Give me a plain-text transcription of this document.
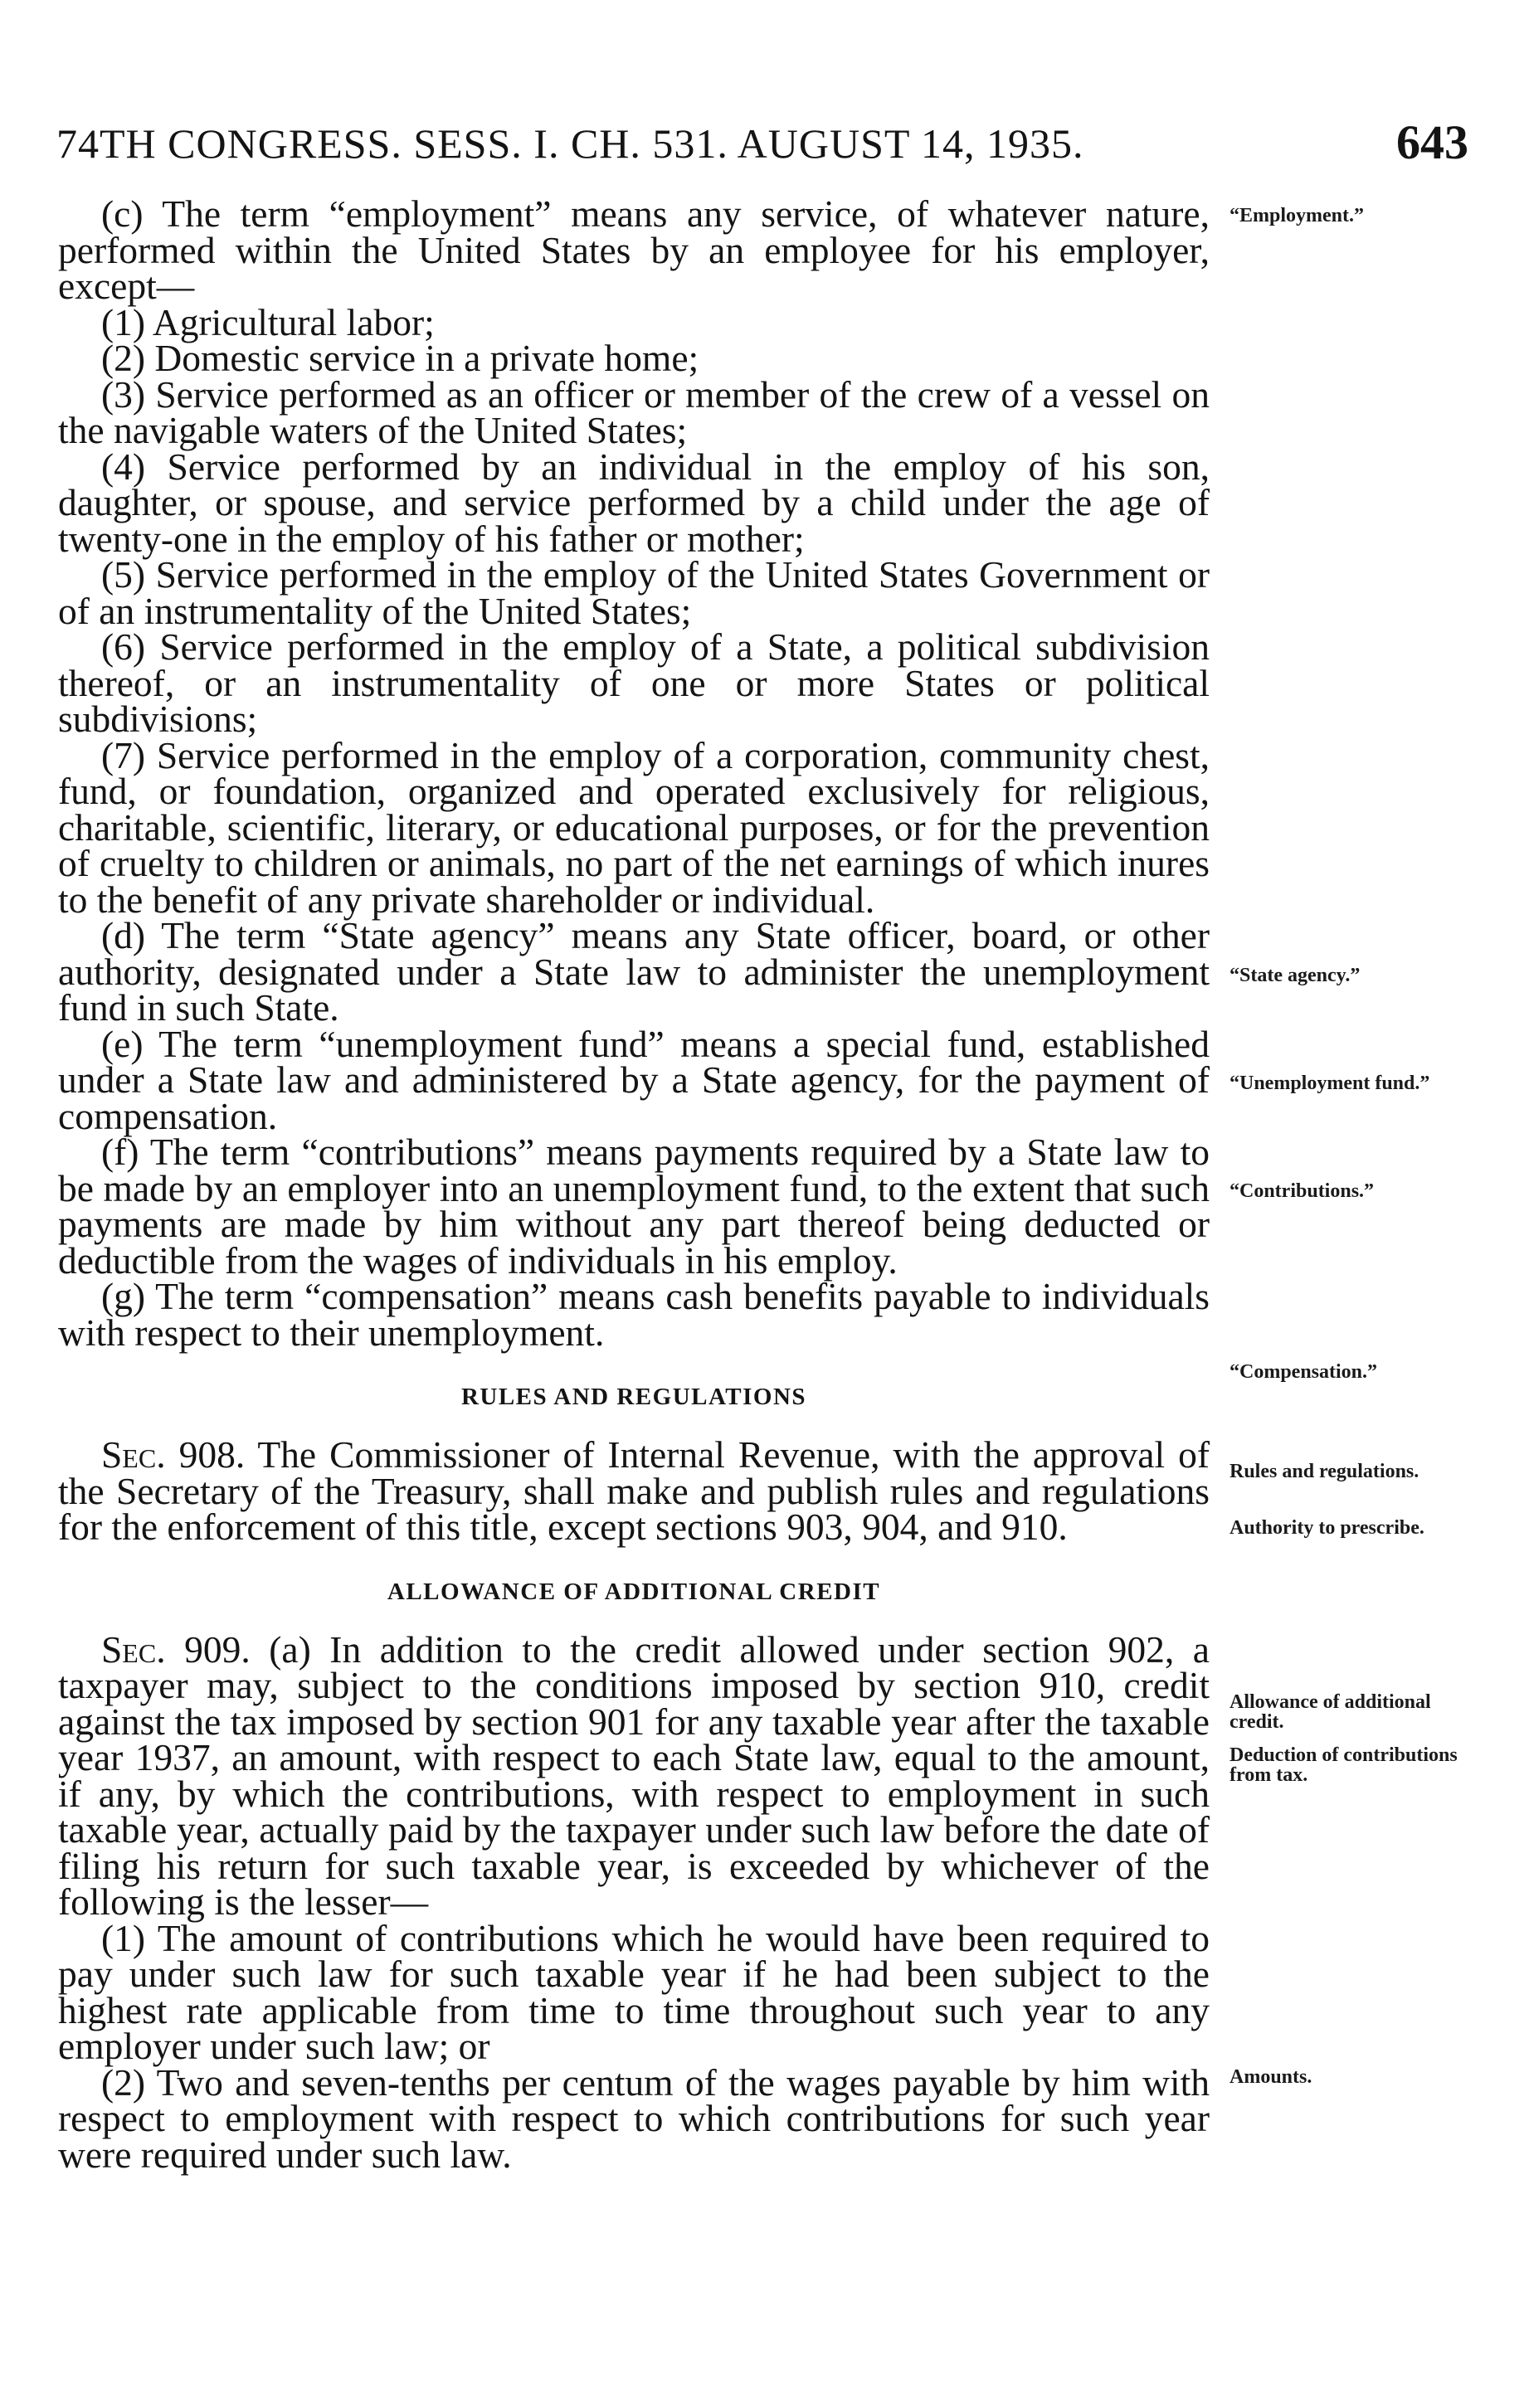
74TH CONGRESS. SESS. I. CH. 531. AUGUST 14, 1935.	643

(c) The term “employment” means any service, of whatever nature, performed within the United States by an employee for his employer, except—

(1) Agricultural labor;

(2) Domestic service in a private home;

(3) Service performed as an officer or member of the crew of a vessel on the navigable waters of the United States;

(4) Service performed by an individual in the employ of his son, daughter, or spouse, and service performed by a child under the age of twenty-one in the employ of his father or mother;

(5) Service performed in the employ of the United States Government or of an instrumentality of the United States;

(6) Service performed in the employ of a State, a political subdivision thereof, or an instrumentality of one or more States or political subdivisions;

(7) Service performed in the employ of a corporation, community chest, fund, or foundation, organized and operated exclusively for religious, charitable, scientific, literary, or educational purposes, or for the prevention of cruelty to children or animals, no part of the net earnings of which inures to the benefit of any private shareholder or individual.

(d) The term “State agency” means any State officer, board, or other authority, designated under a State law to administer the unemployment fund in such State.

(e) The term “unemployment fund” means a special fund, established under a State law and administered by a State agency, for the payment of compensation.

(f) The term “contributions” means payments required by a State law to be made by an employer into an unemployment fund, to the extent that such payments are made by him without any part thereof being deducted or deductible from the wages of individuals in his employ.

(g) The term “compensation” means cash benefits payable to individuals with respect to their unemployment.

RULES AND REGULATIONS

Sec. 908. The Commissioner of Internal Revenue, with the approval of the Secretary of the Treasury, shall make and publish rules and regulations for the enforcement of this title, except sections 903, 904, and 910.

ALLOWANCE OF ADDITIONAL CREDIT

Sec. 909. (a) In addition to the credit allowed under section 902, a taxpayer may, subject to the conditions imposed by section 910, credit against the tax imposed by section 901 for any taxable year after the taxable year 1937, an amount, with respect to each State law, equal to the amount, if any, by which the contributions, with respect to employment in such taxable year, actually paid by the taxpayer under such law before the date of filing his return for such taxable year, is exceeded by whichever of the following is the lesser—

(1) The amount of contributions which he would have been required to pay under such law for such taxable year if he had been subject to the highest rate applicable from time to time throughout such year to any employer under such law; or

(2) Two and seven-tenths per centum of the wages payable by him with respect to employment with respect to which contributions for such year were required under such law.

“Employment.”
“State agency.”
“Unemployment fund.”
“Contributions.”
“Compensation.”
Rules and regulations.
Authority to prescribe.
Allowance of additional credit.
Deduction of contributions from tax.
Amounts.
